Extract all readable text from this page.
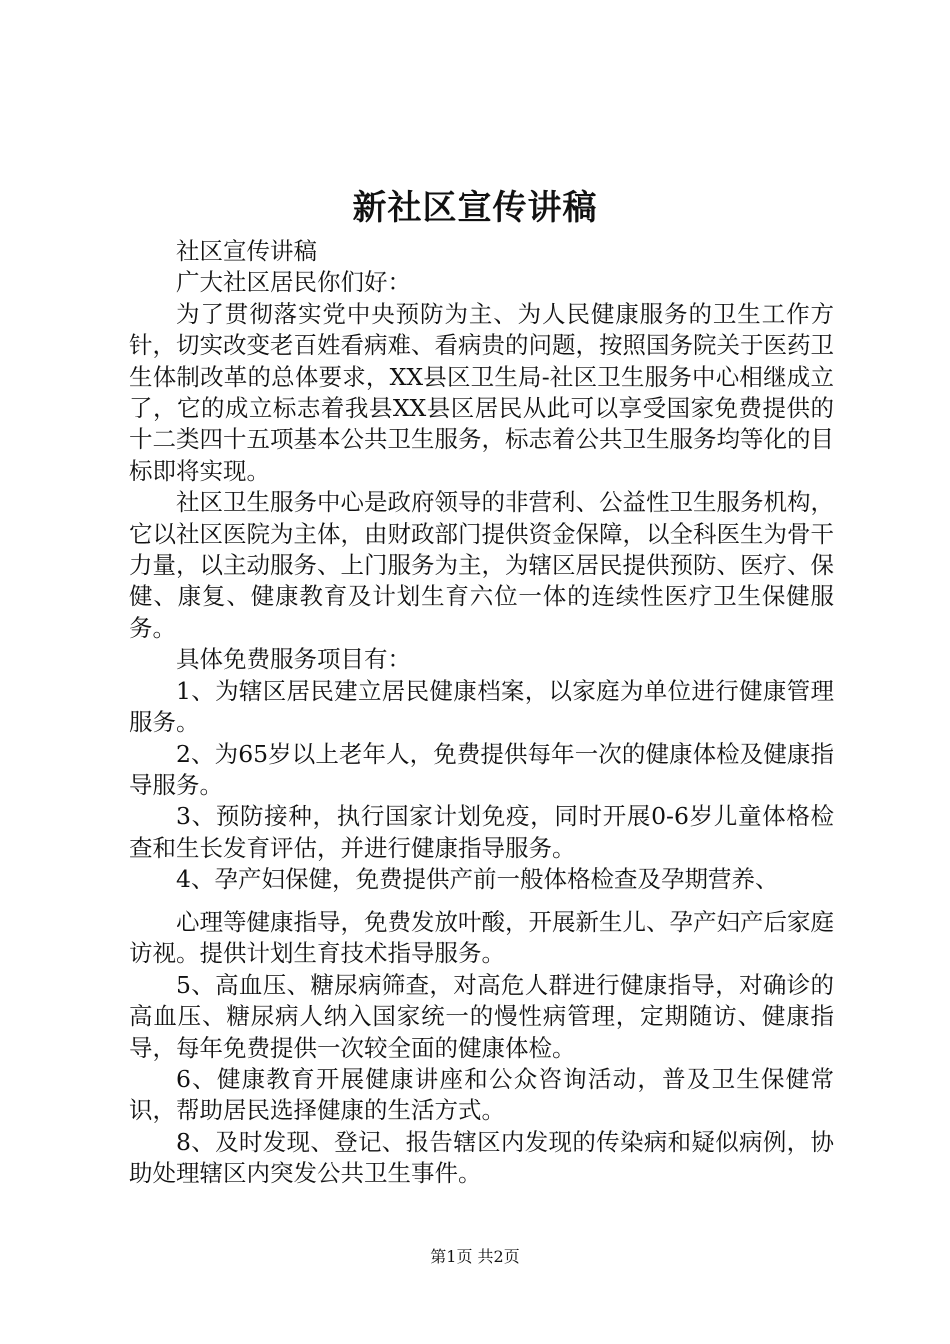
新社区宣传讲稿

社区宣传讲稿

广大社区居民你们好：

为了贯彻落实党中央预防为主、为人民健康服务的卫生工作方针，切实改变老百姓看病难、看病贵的问题，按照国务院关于医药卫生体制改革的总体要求，XX县区卫生局-社区卫生服务中心相继成立了，它的成立标志着我县XX县区居民从此可以享受国家免费提供的十二类四十五项基本公共卫生服务，标志着公共卫生服务均等化的目标即将实现。

社区卫生服务中心是政府领导的非营利、公益性卫生服务机构，它以社区医院为主体，由财政部门提供资金保障，以全科医生为骨干力量，以主动服务、上门服务为主，为辖区居民提供预防、医疗、保健、康复、健康教育及计划生育六位一体的连续性医疗卫生保健服务。

具体免费服务项目有：

1、为辖区居民建立居民健康档案，以家庭为单位进行健康管理服务。

2、为65岁以上老年人，免费提供每年一次的健康体检及健康指导服务。

3、预防接种，执行国家计划免疫，同时开展0-6岁儿童体格检查和生长发育评估，并进行健康指导服务。

4、孕产妇保健，免费提供产前一般体格检查及孕期营养、

心理等健康指导，免费发放叶酸，开展新生儿、孕产妇产后家庭访视。提供计划生育技术指导服务。

5、高血压、糖尿病筛查，对高危人群进行健康指导，对确诊的高血压、糖尿病人纳入国家统一的慢性病管理，定期随访、健康指导，每年免费提供一次较全面的健康体检。

6、健康教育开展健康讲座和公众咨询活动，普及卫生保健常识，帮助居民选择健康的生活方式。

8、及时发现、登记、报告辖区内发现的传染病和疑似病例，协助处理辖区内突发公共卫生事件。

第1页 共2页
